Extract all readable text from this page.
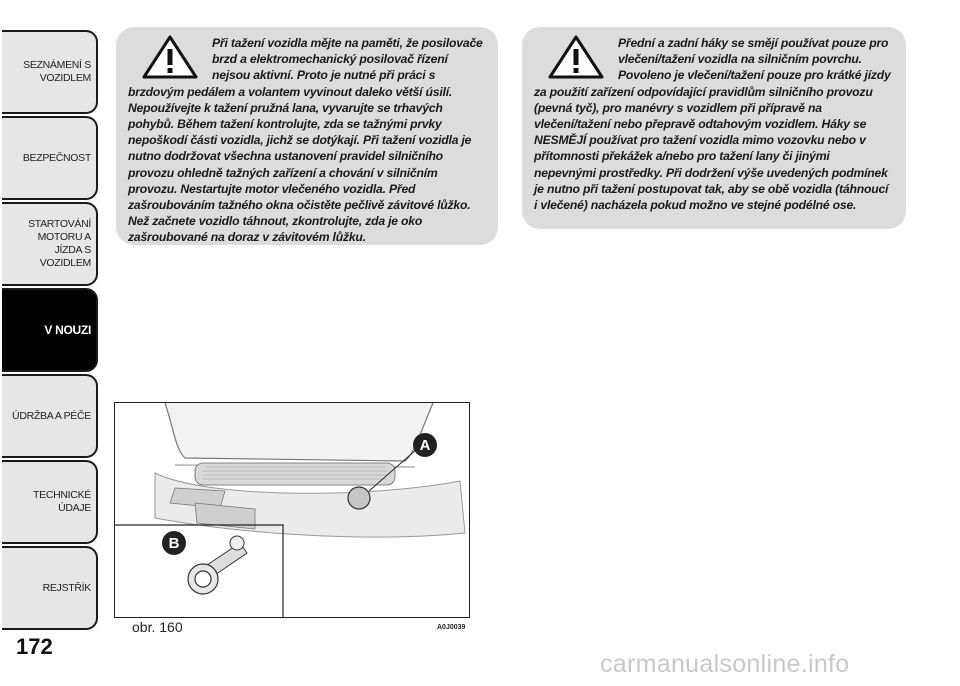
SEZNÁMENÍ S VOZIDLEM
BEZPEČNOST
STARTOVÁNÍ MOTORU A JÍZDA S VOZIDLEM
V NOUZI
ÚDRŽBA A PÉČE
TECHNICKÉ ÚDAJE
REJSTŘÍK
172

Při tažení vozidla mějte na paměti, že posilovače brzd a elektromechanický posilovač řízení nejsou aktivní. Proto je nutné při práci s brzdovým pedálem a volantem vyvinout daleko větší úsilí. Nepoužívejte k tažení pružná lana, vyvarujte se trhavých pohybů. Během tažení kontrolujte, zda se tažnými prvky nepoškodí části vozidla, jichž se dotýkají. Při tažení vozidla je nutno dodržovat všechna ustanovení pravidel silničního provozu ohledně tažných zařízení a chování v silničním provozu. Nestartujte motor vlečeného vozidla. Před zašroubováním tažného okna očistěte pečlivě závitové lůžko. Než začnete vozidlo táhnout, zkontrolujte, zda je oko zašroubované na doraz v závitovém lůžku.

Přední a zadní háky se smějí používat pouze pro vlečení/tažení vozidla na silničním povrchu. Povoleno je vlečení/tažení pouze pro krátké jízdy za použití zařízení odpovídající pravidlům silničního provozu (pevná tyč), pro manévry s vozidlem při přípravě na vlečení/tažení nebo přepravě odtahovým vozidlem. Háky se NESMĚJÍ používat pro tažení vozidla mimo vozovku nebo v přítomnosti překážek a/nebo pro tažení lany či jinými nepevnými prostředky. Při dodržení výše uvedených podmínek je nutno při tažení postupovat tak, aby se obě vozidla (táhnoucí i vlečené) nacházela pokud možno ve stejné podélné ose.

A
B
obr. 160	A0J0039
carmanualsonline.info
